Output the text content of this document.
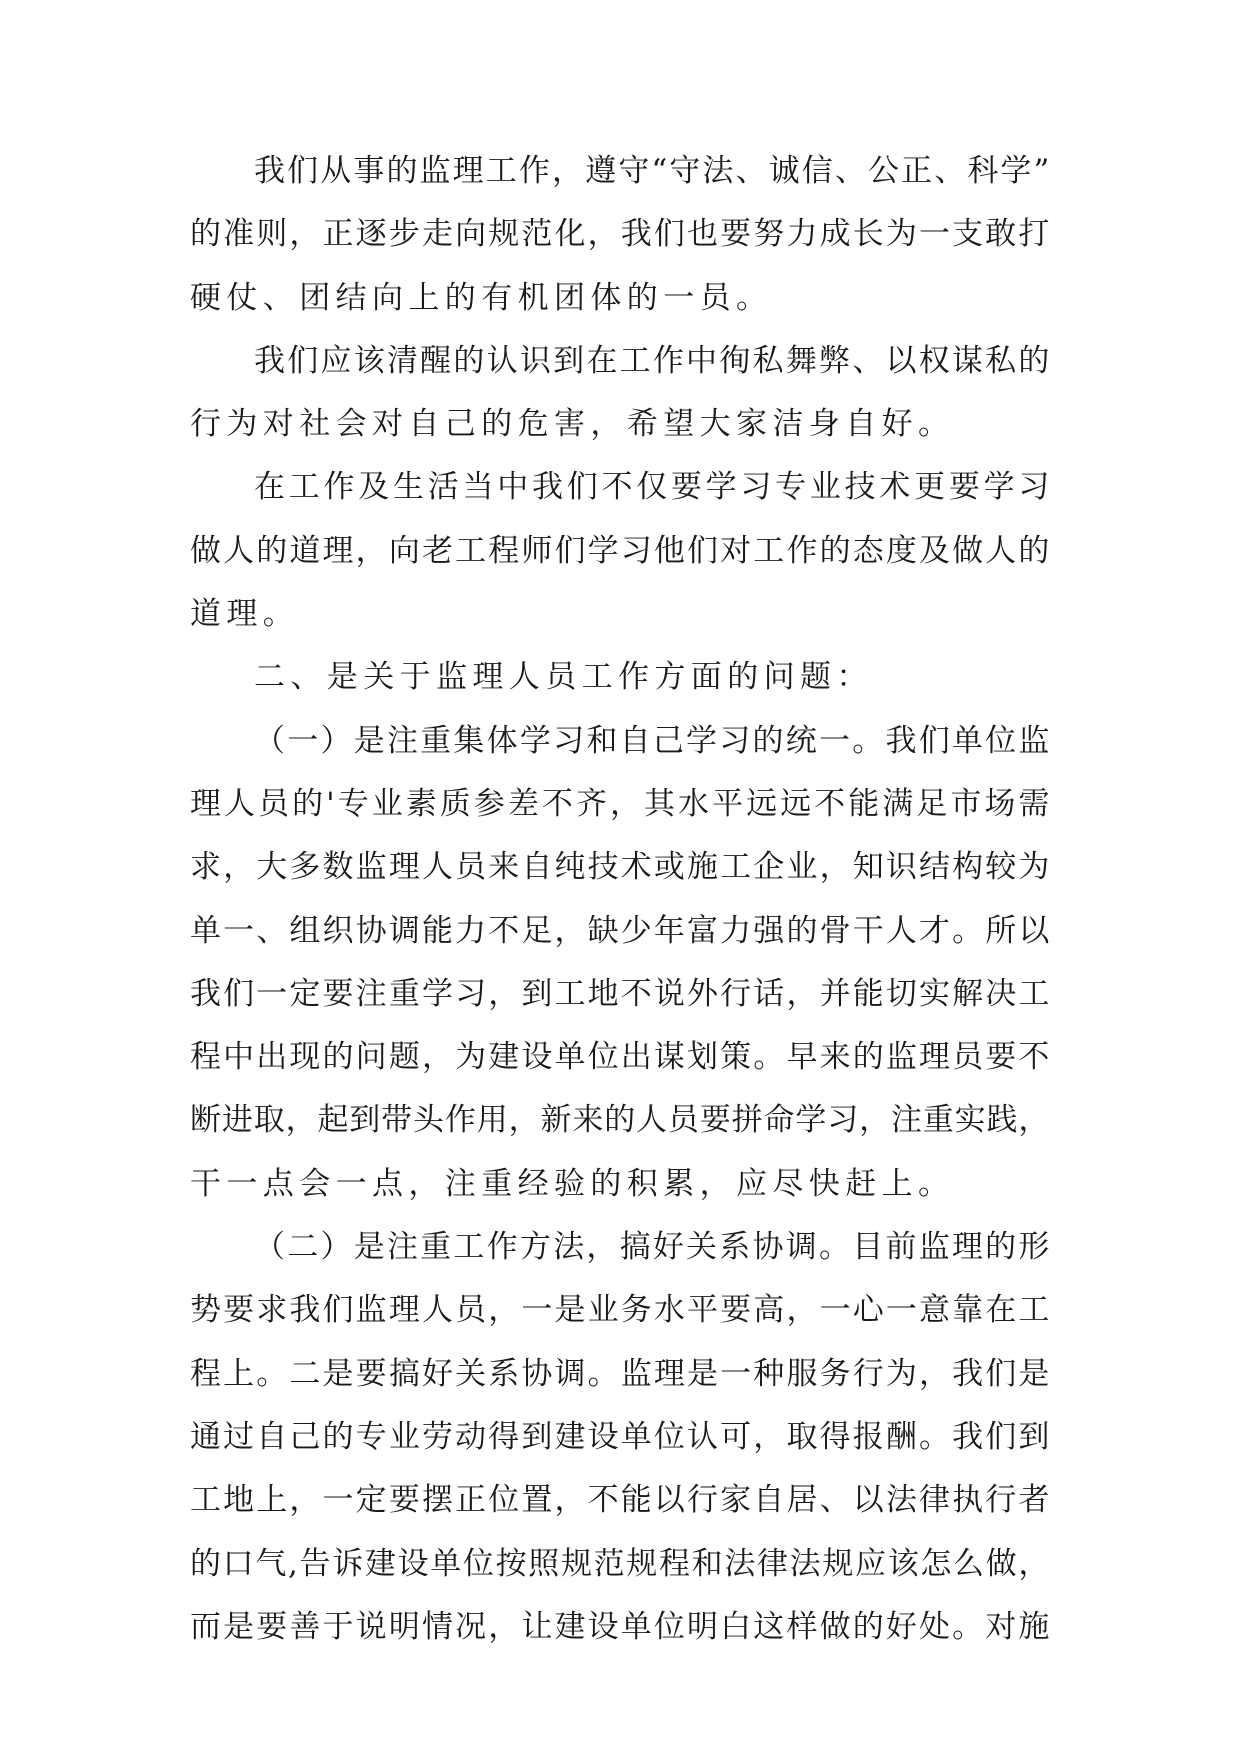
我们从事的监理工作，遵守“守法、诚信、公正、科学”
的准则，正逐步走向规范化，我们也要努力成长为一支敢打
硬仗、团结向上的有机团体的一员。
我们应该清醒的认识到在工作中徇私舞弊、以权谋私的
行为对社会对自己的危害，希望大家洁身自好。
在工作及生活当中我们不仅要学习专业技术更要学习
做人的道理，向老工程师们学习他们对工作的态度及做人的
道理。
二、是关于监理人员工作方面的问题：
（一）是注重集体学习和自己学习的统一。我们单位监
理人员的'专业素质参差不齐，其水平远远不能满足市场需
求，大多数监理人员来自纯技术或施工企业，知识结构较为
单一、组织协调能力不足，缺少年富力强的骨干人才。所以
我们一定要注重学习，到工地不说外行话，并能切实解决工
程中出现的问题，为建设单位出谋划策。早来的监理员要不
断进取，起到带头作用，新来的人员要拼命学习，注重实践，
干一点会一点，注重经验的积累，应尽快赶上。
（二）是注重工作方法，搞好关系协调。目前监理的形
势要求我们监理人员，一是业务水平要高，一心一意靠在工
程上。二是要搞好关系协调。监理是一种服务行为，我们是
通过自己的专业劳动得到建设单位认可，取得报酬。我们到
工地上，一定要摆正位置，不能以行家自居、以法律执行者
的口气,告诉建设单位按照规范规程和法律法规应该怎么做，
而是要善于说明情况，让建设单位明白这样做的好处。对施
